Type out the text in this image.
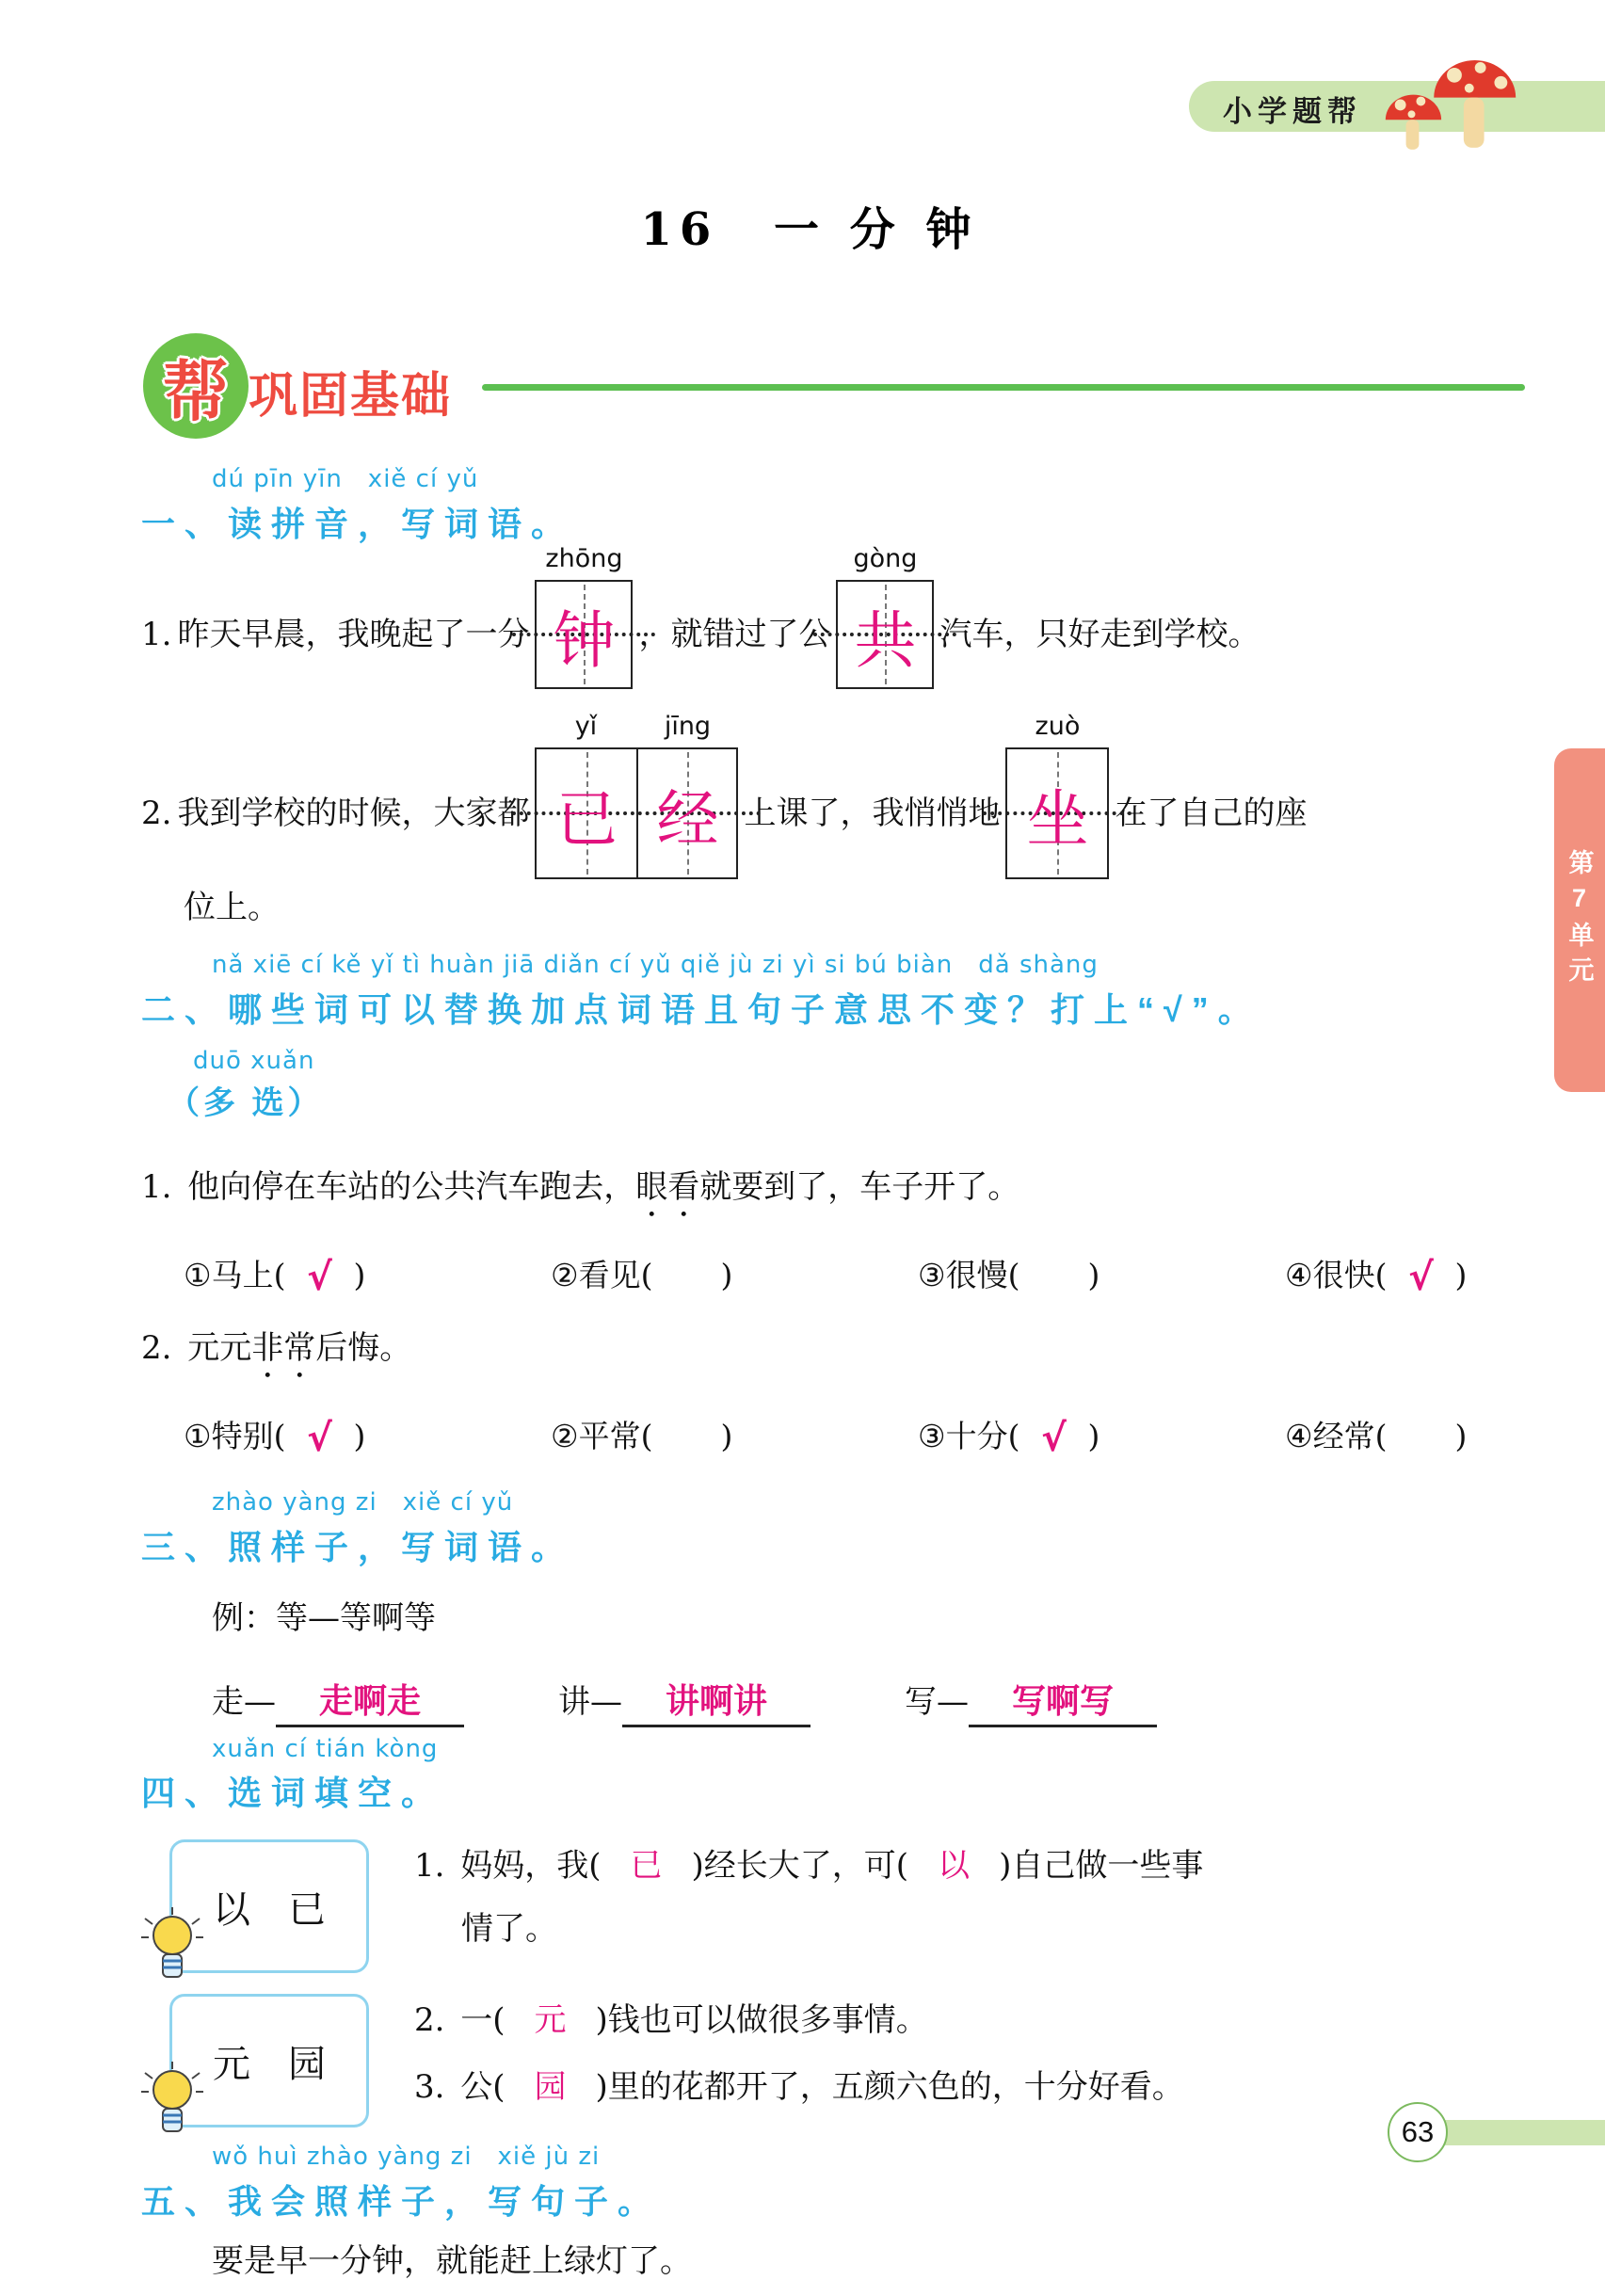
小学题帮
第7单元
63
16 一 分 钟
帮 巩固基础
dú pīn yīn　xiě cí yǔ
一、读拼音，写词语。
1. 昨天早晨，我晚起了一分
zhōng
钟 ，就错过了公
gòng
共 汽车，只好走到学校。
2. 我到学校的时候，大家都
yǐ	jīng
已 经 上课了，我悄悄地
zuò
坐 在了自己的座
位上。
nǎ xiē cí kě yǐ tì huàn jiā diǎn cí yǔ qiě jù zi yì si bú biàn　dǎ shàng
二、哪些词可以替换加点词语且句子意思不变？打上“√”。
duō xuǎn
（多 选）
1. 他向停在车站的公共汽车跑去，眼看就要到了，车子开了。
①马上( √ )	②看见( )	③很慢( )	④很快( √ )
2. 元元非常后悔。
①特别( √ )	②平常( )	③十分( √ )	④经常( )
zhào yàng zi　xiě cí yǔ
三、照样子，写词语。
例：等—等啊等
走—	走啊走	讲—	讲啊讲	写—	写啊写
xuǎn cí tián kòng
四、选词填空。
以　已
1. 妈妈，我( 已 )经长大了，可( 以 )自己做一些事
情了。
元　园
2. 一( 元 )钱也可以做很多事情。
3. 公( 园 )里的花都开了，五颜六色的，十分好看。
wǒ huì zhào yàng zi　xiě jù zi
五、我会照样子，写句子。
要是早一分钟，就能赶上绿灯了。
